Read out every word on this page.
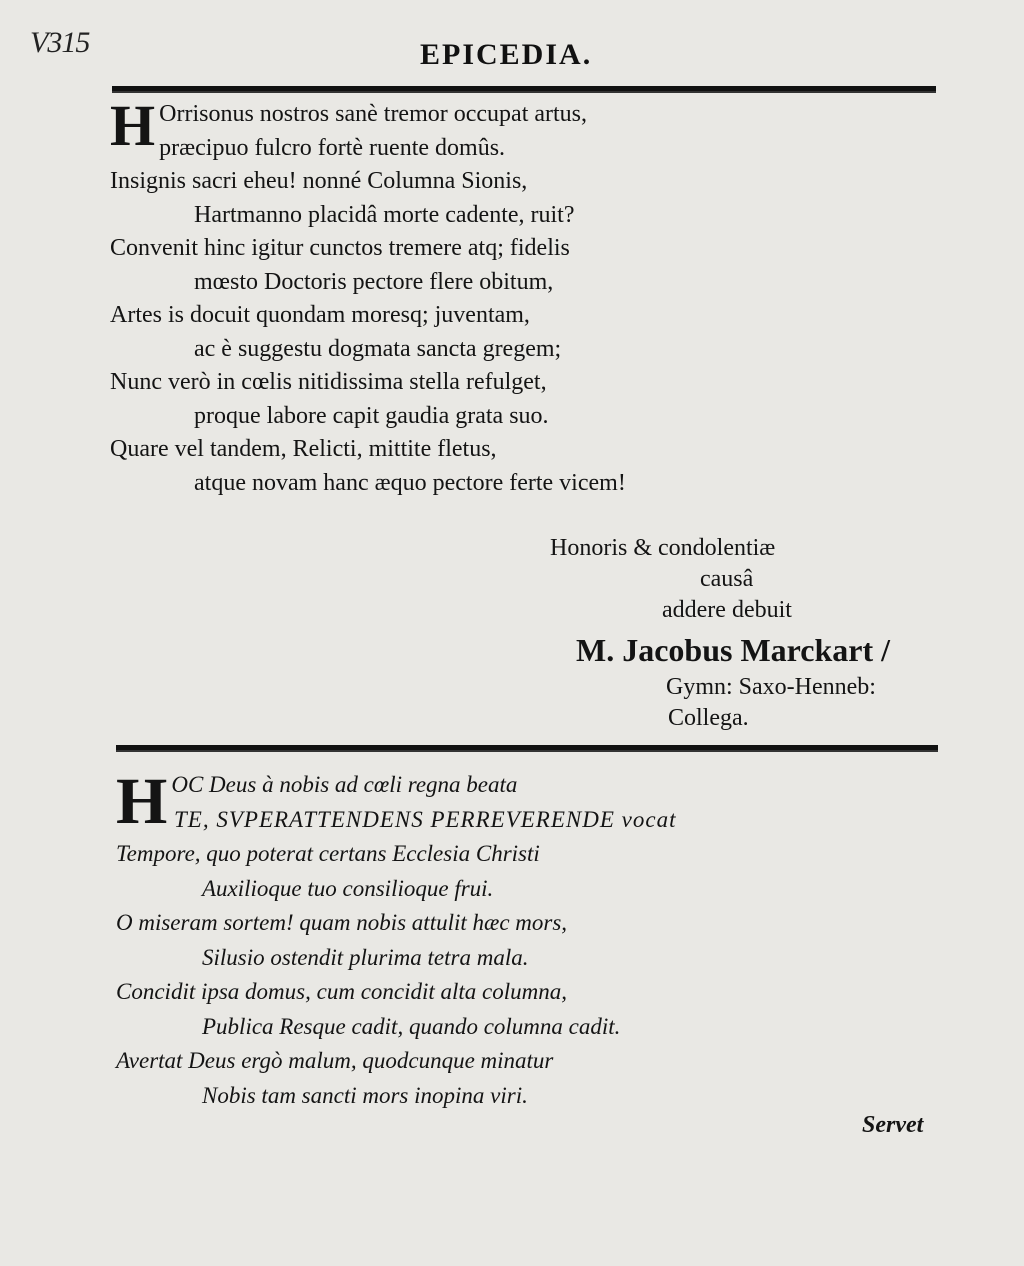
V315	EPICEDIA.
H Orrisonus nostros sanè tremor occupat artus,
præcipuo fulcro fortè ruente domûs.
Insignis sacri eheu! nonné Columna Sionis,
Hartmanno placidâ morte cadente, ruit?
Convenit hinc igitur cunctos tremere atq; fidelis
mœsto Doctoris pectore flere obitum,
Artes is docuit quondam moresq; juventam,
ac è suggestu dogmata sancta gregem;
Nunc verò in cœlis nitidissima stella refulget,
proque labore capit gaudia grata suo.
Quare vel tandem, Relicti, mittite fletus,
atque novam hanc æquo pectore ferte vicem!
Honoris & condolentiæ
causâ
addere debuit
M. Jacobus Marckart /
Gymn: Saxo-Henneb:
Collega.
H OC Deus à nobis ad cœli regna beata
TE, SVPERATTENDENS PERREVERENDE vocat
Tempore, quo poterat certans Ecclesia Christi
Auxilioque tuo consilioque frui.
O miseram sortem! quam nobis attulit hæc mors,
Silusio ostendit plurima tetra mala.
Concidit ipsa domus, cum concidit alta columna,
Publica Resque cadit, quando columna cadit.
Avertat Deus ergò malum, quodcunque minatur
Nobis tam sancti mors inopina viri.
Servet
